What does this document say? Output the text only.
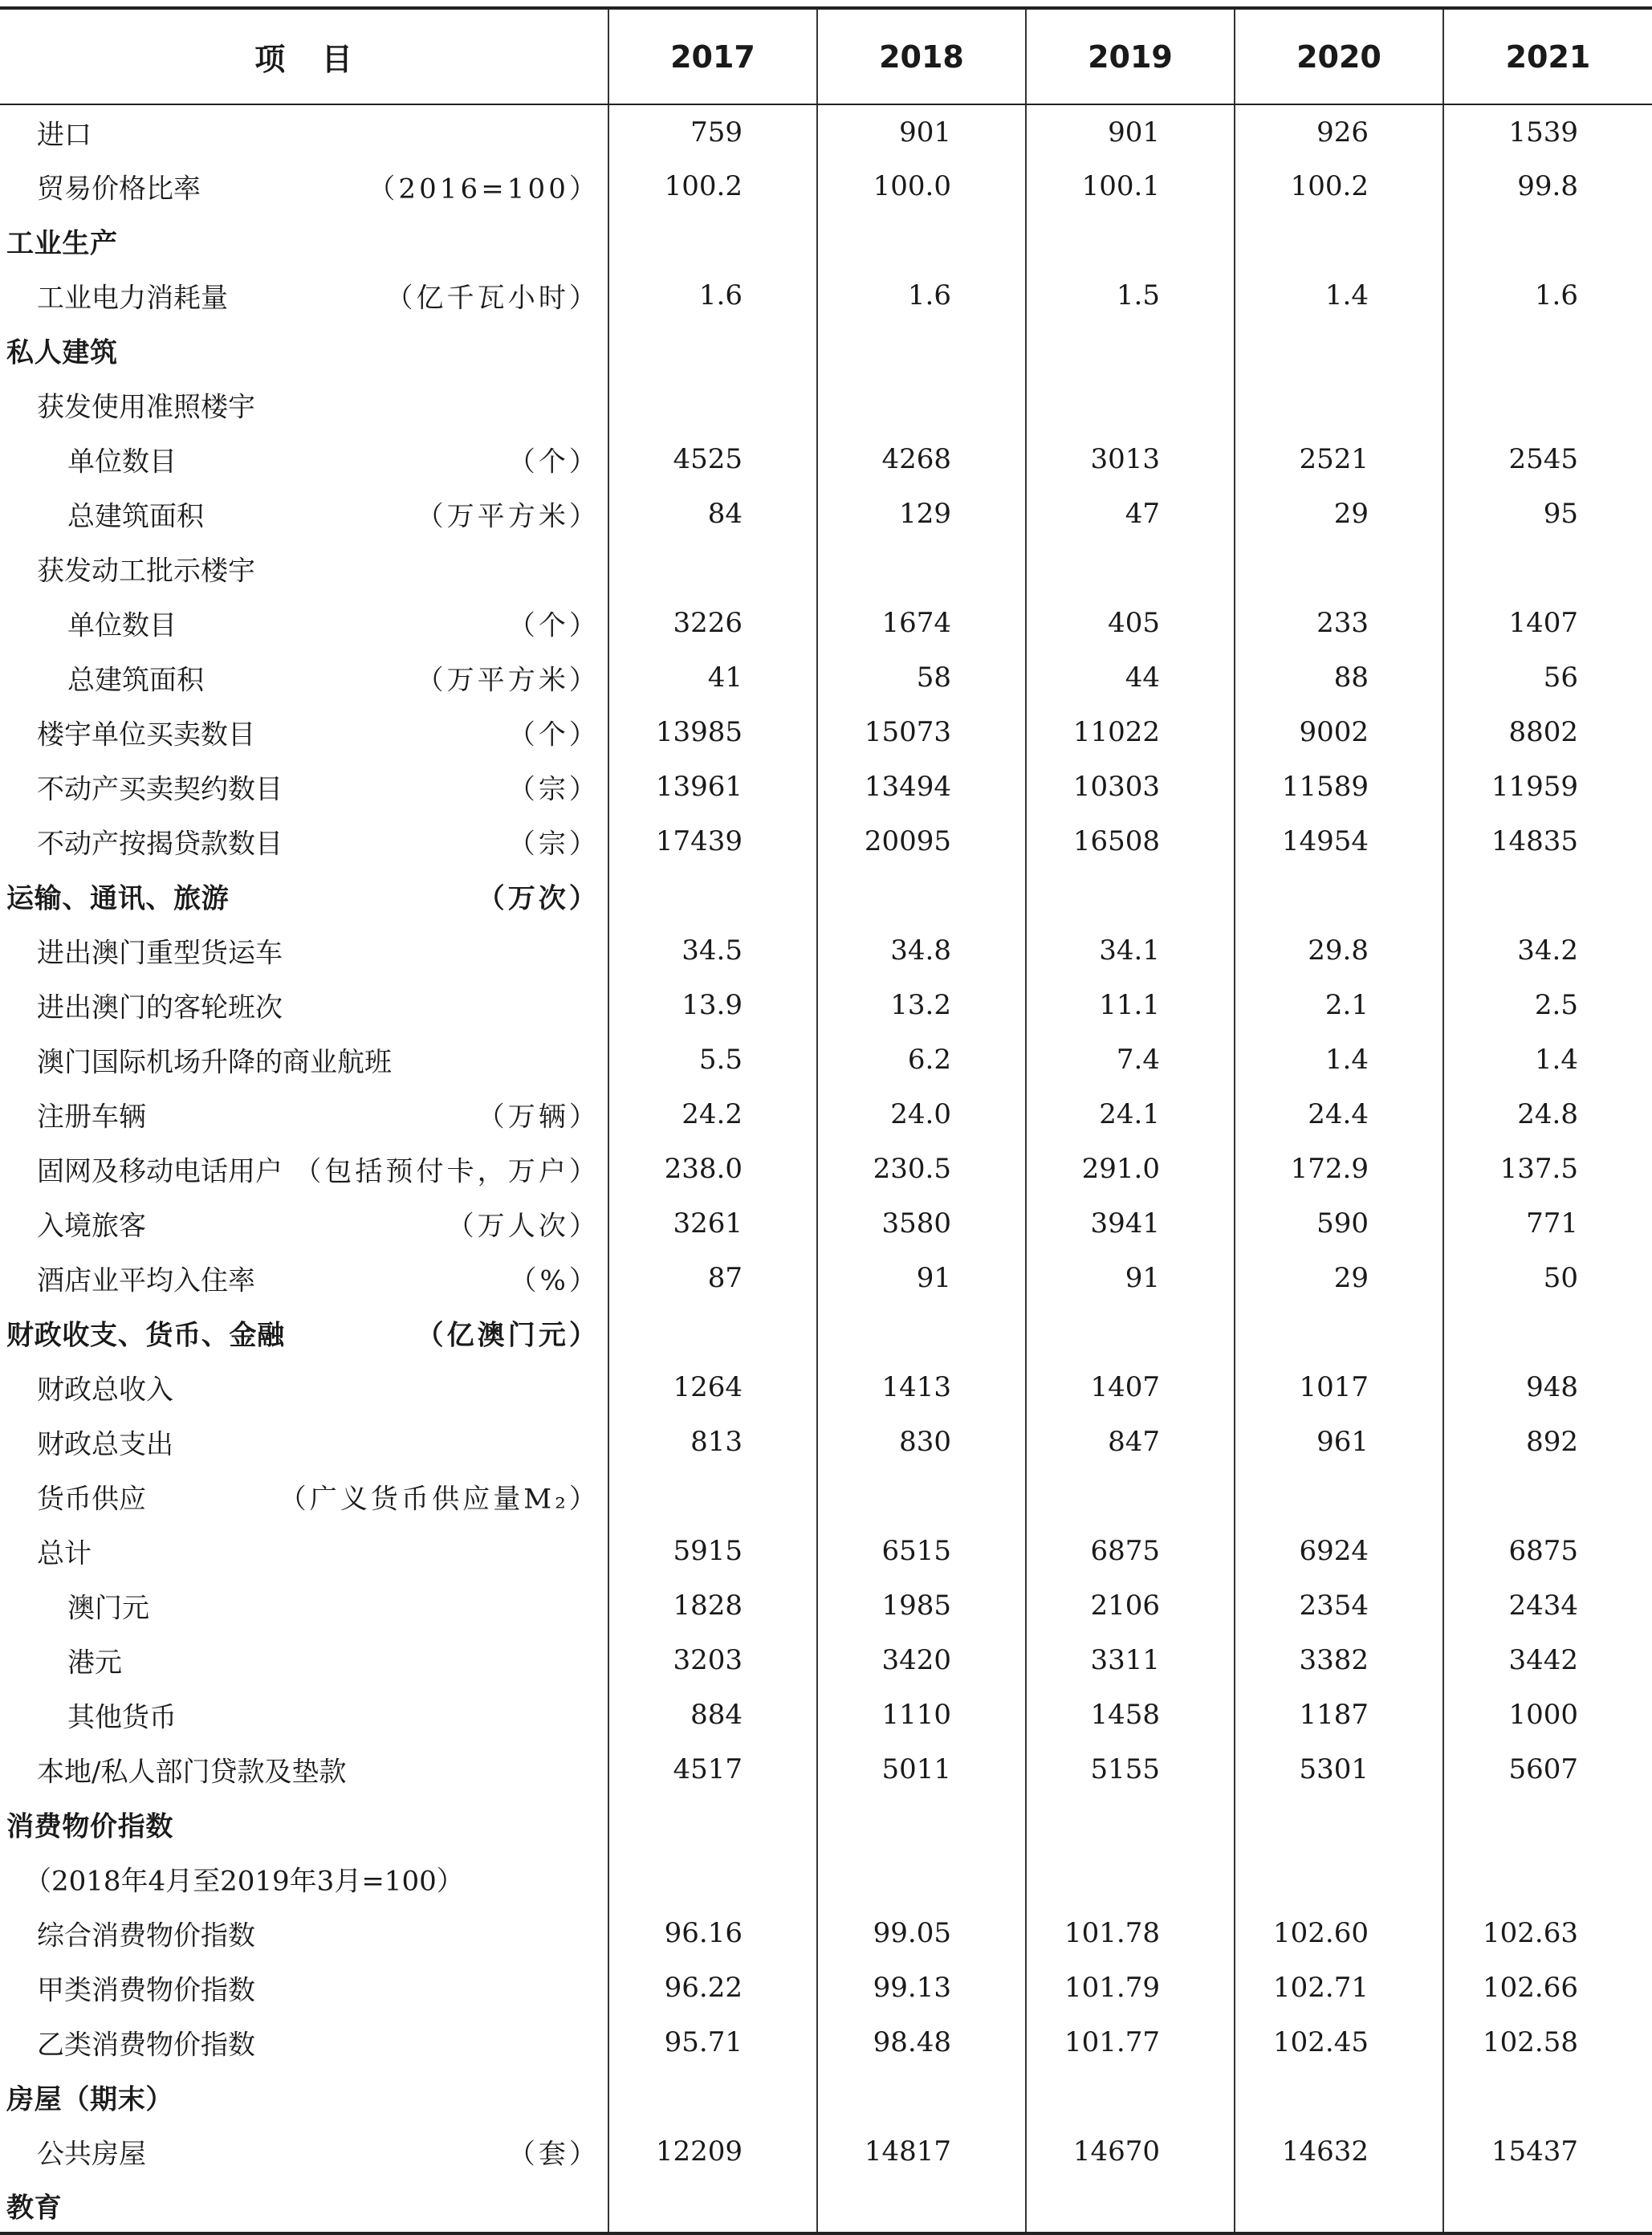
项目	2017	2018	2019	2020	2021

进口	759	901	901	926	1539

贸易价格比率 （2016=100）	100.2	100.0	100.1	100.2	99.8

工业生产					

工业电力消耗量 （亿千瓦小时）	1.6	1.6	1.5	1.4	1.6

私人建筑					

获发使用准照楼宇					

单位数目 （个）	4525	4268	3013	2521	2545

总建筑面积 （万平方米）	84	129	47	29	95

获发动工批示楼宇					

单位数目 （个）	3226	1674	405	233	1407

总建筑面积 （万平方米）	41	58	44	88	56

楼宇单位买卖数目 （个）	13985	15073	11022	9002	8802

不动产买卖契约数目 （宗）	13961	13494	10303	11589	11959

不动产按揭贷款数目 （宗）	17439	20095	16508	14954	14835

运输、通讯、旅游 （万次）					

进出澳门重型货运车	34.5	34.8	34.1	29.8	34.2

进出澳门的客轮班次	13.9	13.2	11.1	2.1	2.5

澳门国际机场升降的商业航班	5.5	6.2	7.4	1.4	1.4

注册车辆 （万辆）	24.2	24.0	24.1	24.4	24.8

固网及移动电话用户 （包括预付卡，万户）	238.0	230.5	291.0	172.9	137.5

入境旅客 （万人次）	3261	3580	3941	590	771

酒店业平均入住率 （%）	87	91	91	29	50

财政收支、货币、金融 （亿澳门元）					

财政总收入	1264	1413	1407	1017	948

财政总支出	813	830	847	961	892

货币供应 （广义货币供应量M₂）					

总计	5915	6515	6875	6924	6875

澳门元	1828	1985	2106	2354	2434

港元	3203	3420	3311	3382	3442

其他货币	884	1110	1458	1187	1000

本地/私人部门贷款及垫款	4517	5011	5155	5301	5607

消费物价指数					

（2018年4月至2019年3月=100）					

综合消费物价指数	96.16	99.05	101.78	102.60	102.63

甲类消费物价指数	96.22	99.13	101.79	102.71	102.66

乙类消费物价指数	95.71	98.48	101.77	102.45	102.58

房屋（期末）					

公共房屋 （套）	12209	14817	14670	14632	15437

教育					
